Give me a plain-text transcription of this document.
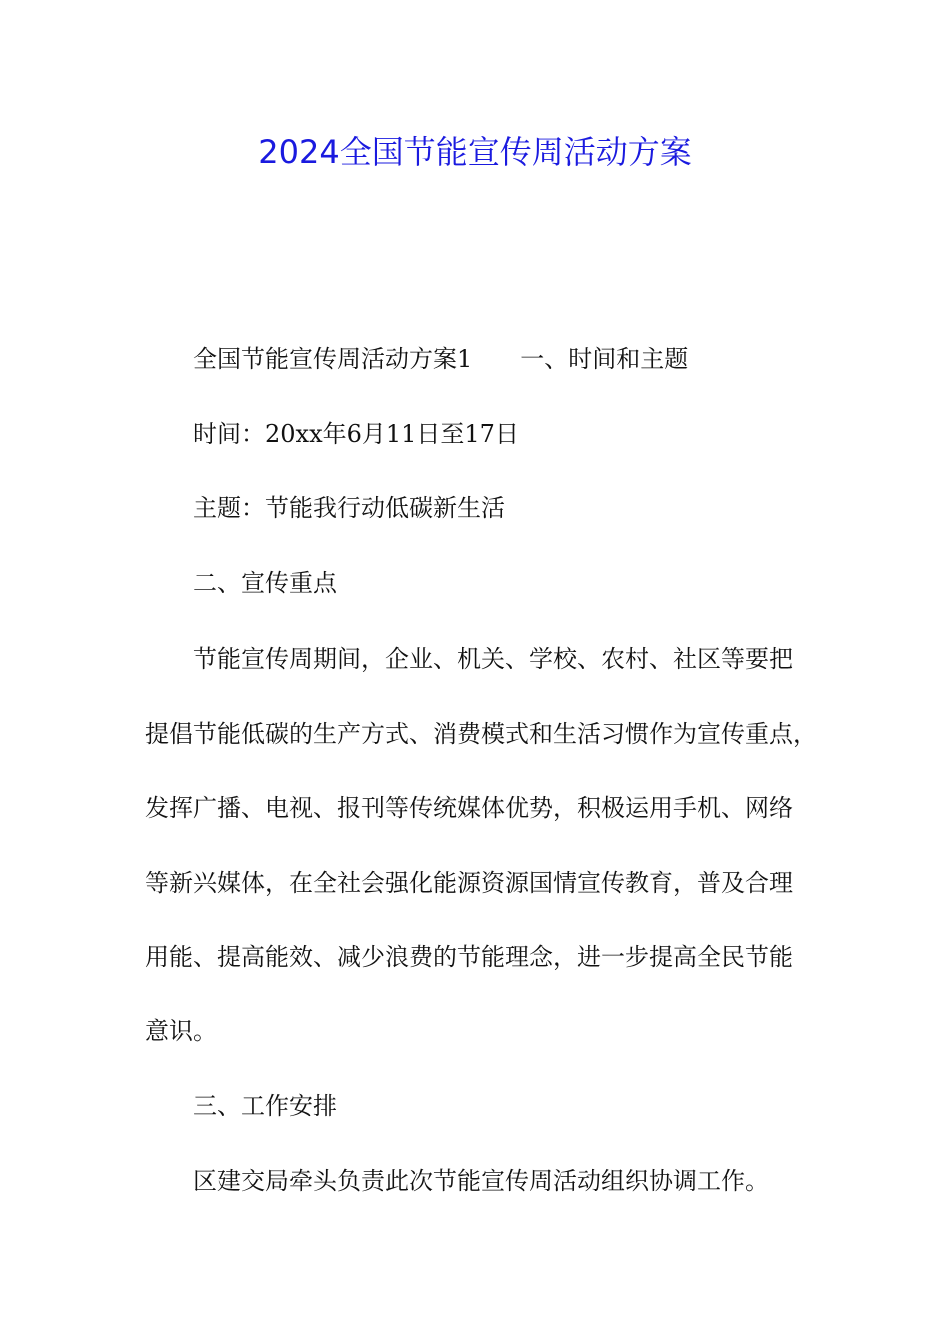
2024全国节能宣传周活动方案
全国节能宣传周活动方案1 一、时间和主题
时间：20xx年6月11日至17日
主题：节能我行动低碳新生活
二、宣传重点
节能宣传周期间，企业、机关、学校、农村、社区等要把
提倡节能低碳的生产方式、消费模式和生活习惯作为宣传重点，
发挥广播、电视、报刊等传统媒体优势，积极运用手机、网络
等新兴媒体，在全社会强化能源资源国情宣传教育，普及合理
用能、提高能效、减少浪费的节能理念，进一步提高全民节能
意识。
三、工作安排
区建交局牵头负责此次节能宣传周活动组织协调工作。
